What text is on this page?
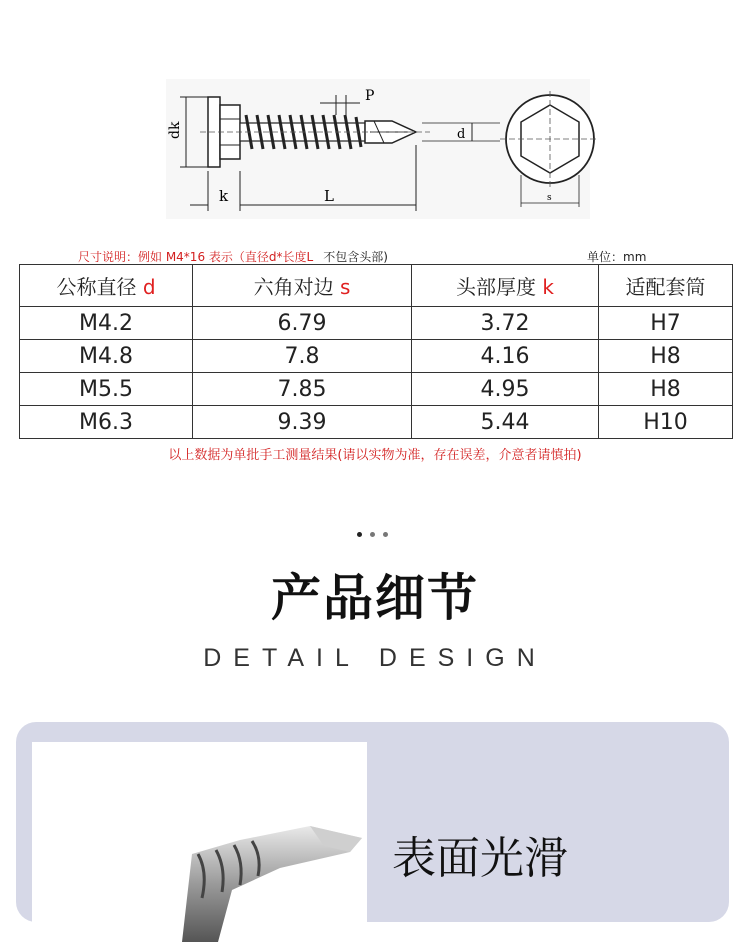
P
dk
k	L
d
s
尺寸说明：例如 M4*16 表示（直径d*长度L 不包含头部)	单位：mm
公称直径 d	六角对边 s	头部厚度 k	适配套筒
M4.2	6.79	3.72	H7
M4.8	7.8	4.16	H8
M5.5	7.85	4.95	H8
M6.3	9.39	5.44	H10
以上数据为单批手工测量结果(请以实物为准，存在误差，介意者请慎拍)
产品细节
DETAIL DESIGN
表面光滑
